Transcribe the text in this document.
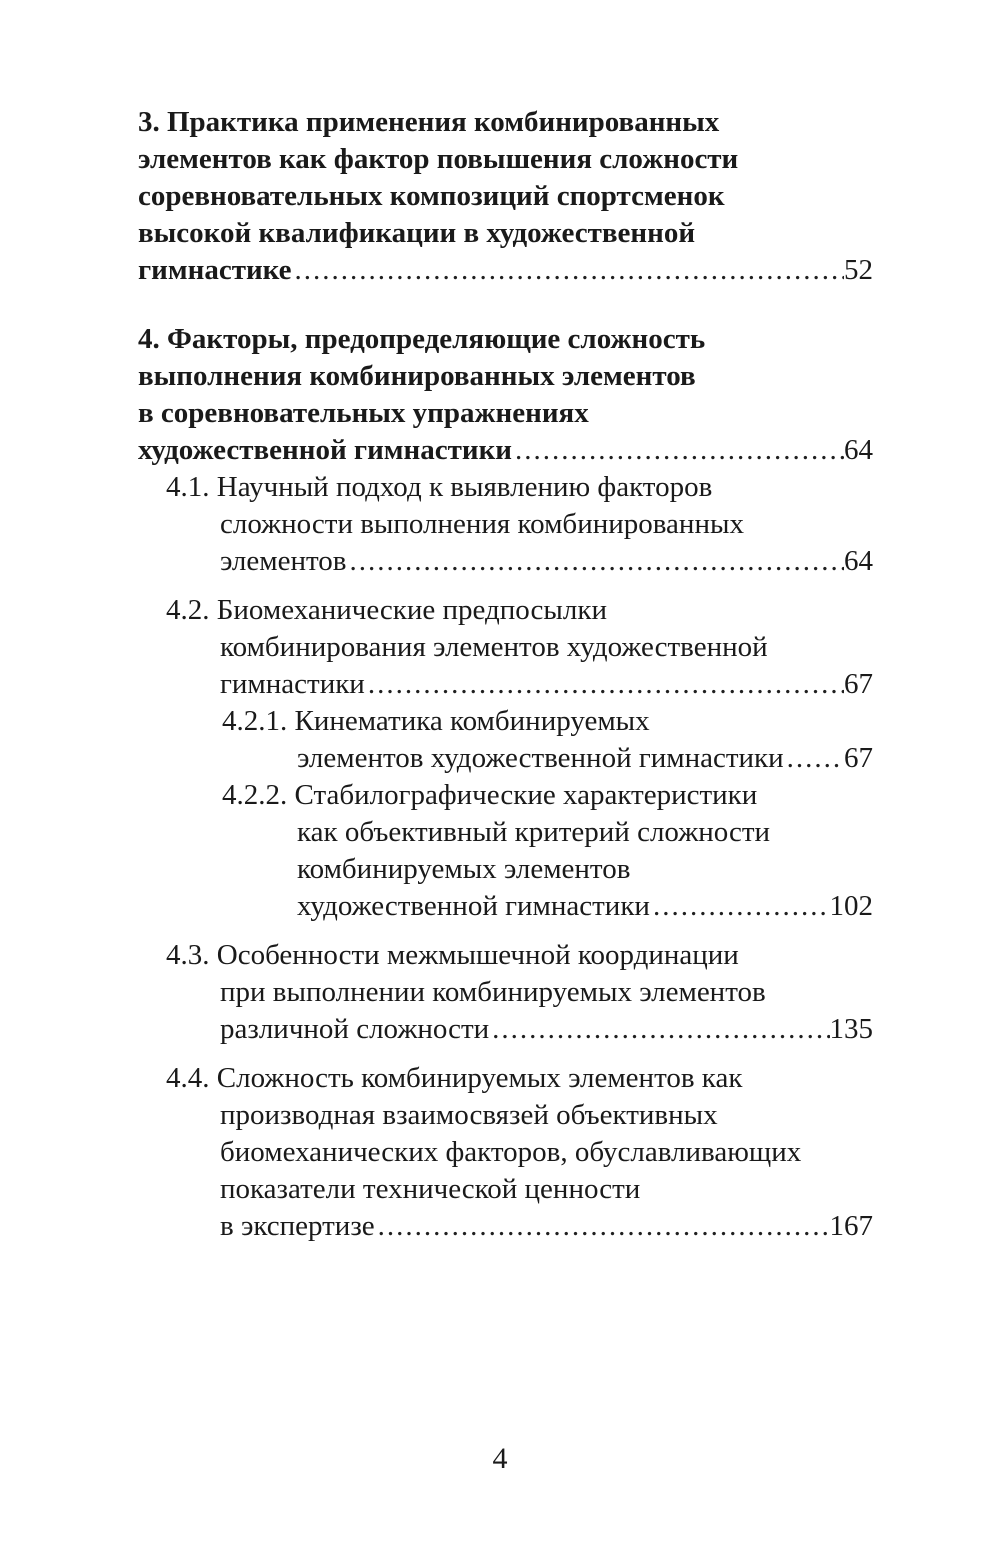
3. Практика применения комбинированных
элементов как фактор повышения сложности
соревновательных композиций спортсменок
высокой квалификации в художественной
гимнастике .....	52
4. Факторы, предопределяющие сложность
выполнения комбинированных элементов
в соревновательных упражнениях
художественной гимнастики .....	64
4.1. Научный подход к выявлению факторов
сложности выполнения комбинированных
элементов .....	64
4.2. Биомеханические предпосылки
комбинирования элементов художественной
гимнастики .....	67
4.2.1. Кинематика комбинируемых
элементов художественной гимнастики ..... 67
4.2.2. Стабилографические характеристики
как объективный критерий сложности
комбинируемых элементов
художественной гимнастики .....	102
4.3. Особенности межмышечной координации
при выполнении комбинируемых элементов
различной сложности .....	135
4.4. Сложность комбинируемых элементов как
производная взаимосвязей объективных
биомеханических факторов, обуславливающих
показатели технической ценности
в экспертизе .....	167
4
